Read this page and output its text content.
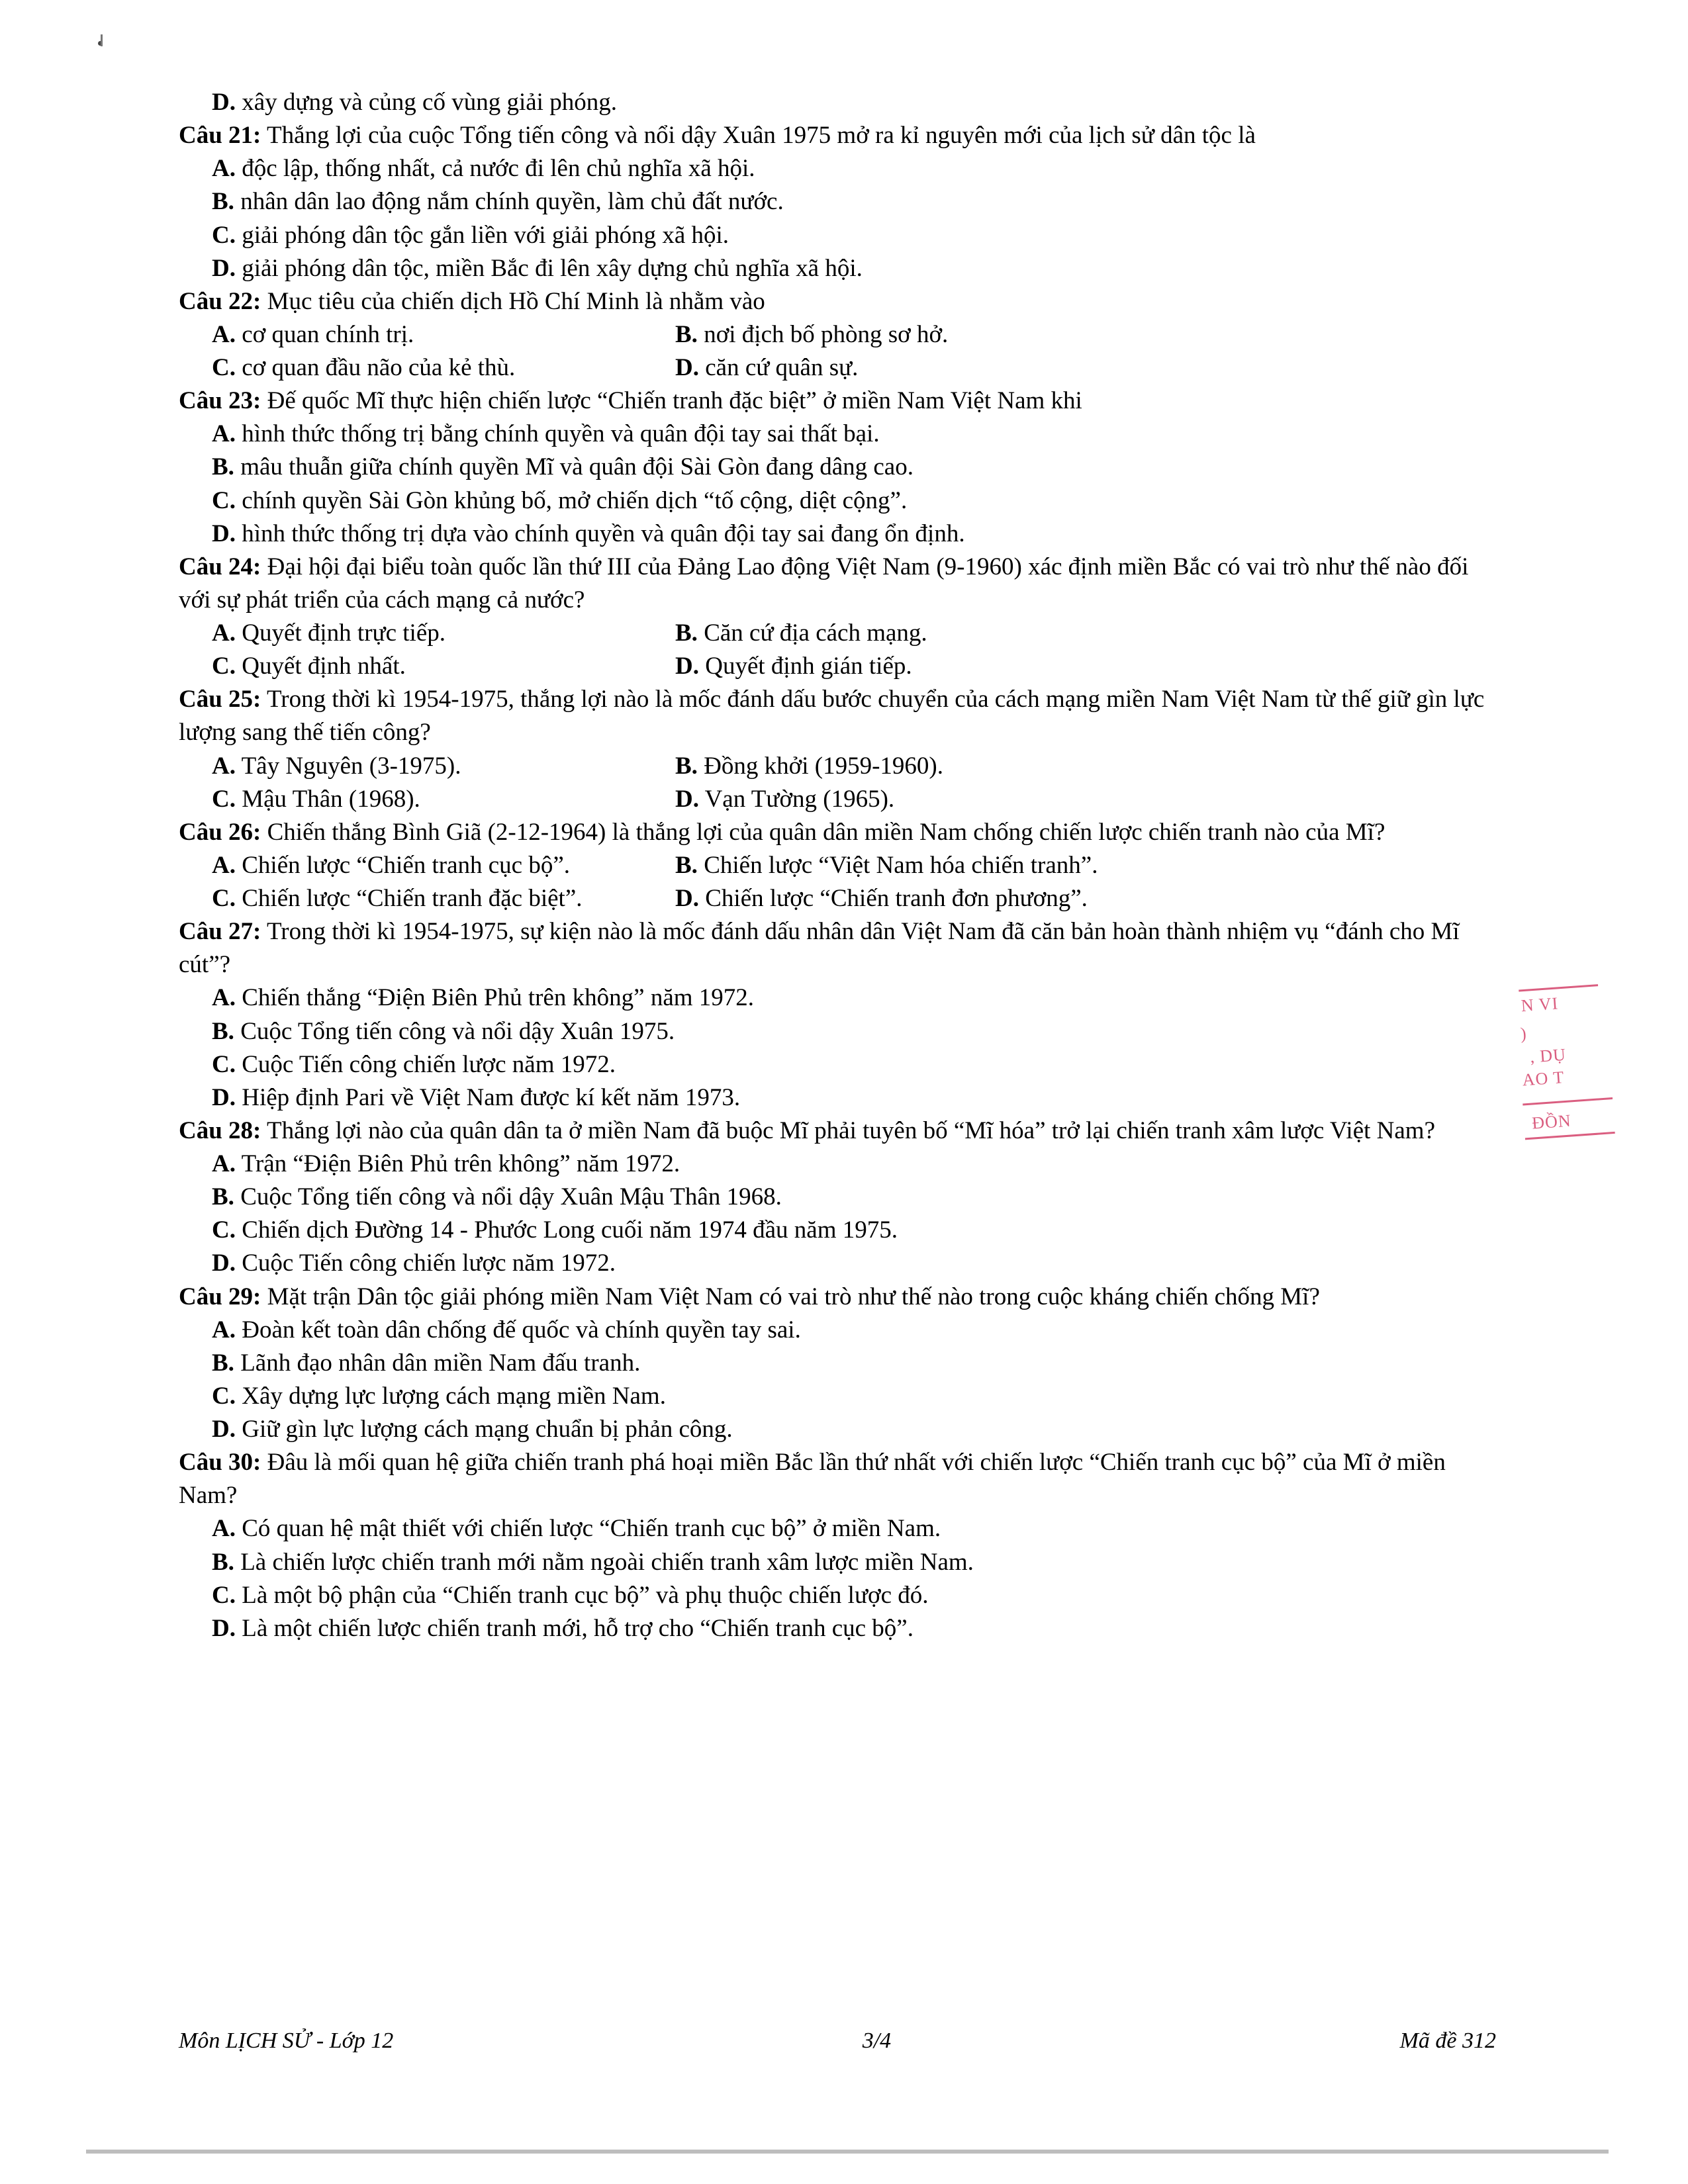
D. xây dựng và củng cố vùng giải phóng.

Câu 21: Thắng lợi của cuộc Tổng tiến công và nổi dậy Xuân 1975 mở ra kỉ nguyên mới của lịch sử dân tộc là

A. độc lập, thống nhất, cả nước đi lên chủ nghĩa xã hội.
B. nhân dân lao động nắm chính quyền, làm chủ đất nước.
C. giải phóng dân tộc gắn liền với giải phóng xã hội.
D. giải phóng dân tộc, miền Bắc đi lên xây dựng chủ nghĩa xã hội.

Câu 22: Mục tiêu của chiến dịch Hồ Chí Minh là nhằm vào

A. cơ quan chính trị.	B. nơi địch bố phòng sơ hở.
C. cơ quan đầu não của kẻ thù.	D. căn cứ quân sự.

Câu 23: Đế quốc Mĩ thực hiện chiến lược “Chiến tranh đặc biệt” ở miền Nam Việt Nam khi

A. hình thức thống trị bằng chính quyền và quân đội tay sai thất bại.
B. mâu thuẫn giữa chính quyền Mĩ và quân đội Sài Gòn đang dâng cao.
C. chính quyền Sài Gòn khủng bố, mở chiến dịch “tố cộng, diệt cộng”.
D. hình thức thống trị dựa vào chính quyền và quân đội tay sai đang ổn định.

Câu 24: Đại hội đại biểu toàn quốc lần thứ III của Đảng Lao động Việt Nam (9-1960) xác định miền Bắc có vai trò như thế nào đối với sự phát triển của cách mạng cả nước?

A. Quyết định trực tiếp.	B. Căn cứ địa cách mạng.
C. Quyết định nhất.	D. Quyết định gián tiếp.

Câu 25: Trong thời kì 1954-1975, thắng lợi nào là mốc đánh dấu bước chuyển của cách mạng miền Nam Việt Nam từ thế giữ gìn lực lượng sang thế tiến công?

A. Tây Nguyên (3-1975).	B. Đồng khởi (1959-1960).
C. Mậu Thân (1968).	D. Vạn Tường (1965).

Câu 26: Chiến thắng Bình Giã (2-12-1964) là thắng lợi của quân dân miền Nam chống chiến lược chiến tranh nào của Mĩ?

A. Chiến lược “Chiến tranh cục bộ”.	B. Chiến lược “Việt Nam hóa chiến tranh”.
C. Chiến lược “Chiến tranh đặc biệt”.	D. Chiến lược “Chiến tranh đơn phương”.

Câu 27: Trong thời kì 1954-1975, sự kiện nào là mốc đánh dấu nhân dân Việt Nam đã căn bản hoàn thành nhiệm vụ “đánh cho Mĩ cút”?

A. Chiến thắng “Điện Biên Phủ trên không” năm 1972.
B. Cuộc Tổng tiến công và nổi dậy Xuân 1975.
C. Cuộc Tiến công chiến lược năm 1972.
D. Hiệp định Pari về Việt Nam được kí kết năm 1973.

Câu 28: Thắng lợi nào của quân dân ta ở miền Nam đã buộc Mĩ phải tuyên bố “Mĩ hóa” trở lại chiến tranh xâm lược Việt Nam?

A. Trận “Điện Biên Phủ trên không” năm 1972.
B. Cuộc Tổng tiến công và nổi dậy Xuân Mậu Thân 1968.
C. Chiến dịch Đường 14 - Phước Long cuối năm 1974 đầu năm 1975.
D. Cuộc Tiến công chiến lược năm 1972.

Câu 29: Mặt trận Dân tộc giải phóng miền Nam Việt Nam có vai trò như thế nào trong cuộc kháng chiến chống Mĩ?

A. Đoàn kết toàn dân chống đế quốc và chính quyền tay sai.
B. Lãnh đạo nhân dân miền Nam đấu tranh.
C. Xây dựng lực lượng cách mạng miền Nam.
D. Giữ gìn lực lượng cách mạng chuẩn bị phản công.

Câu 30: Đâu là mối quan hệ giữa chiến tranh phá hoại miền Bắc lần thứ nhất với chiến lược “Chiến tranh cục bộ” của Mĩ ở miền Nam?

A. Có quan hệ mật thiết với chiến lược “Chiến tranh cục bộ” ở miền Nam.
B. Là chiến lược chiến tranh mới nằm ngoài chiến tranh xâm lược miền Nam.
C. Là một bộ phận của “Chiến tranh cục bộ” và phụ thuộc chiến lược đó.
D. Là một chiến lược chiến tranh mới, hỗ trợ cho “Chiến tranh cục bộ”.
N VI
)
, DỤ
AO T
ĐỒN
Môn LỊCH SỬ - Lớp 12	3/4	Mã đề 312
